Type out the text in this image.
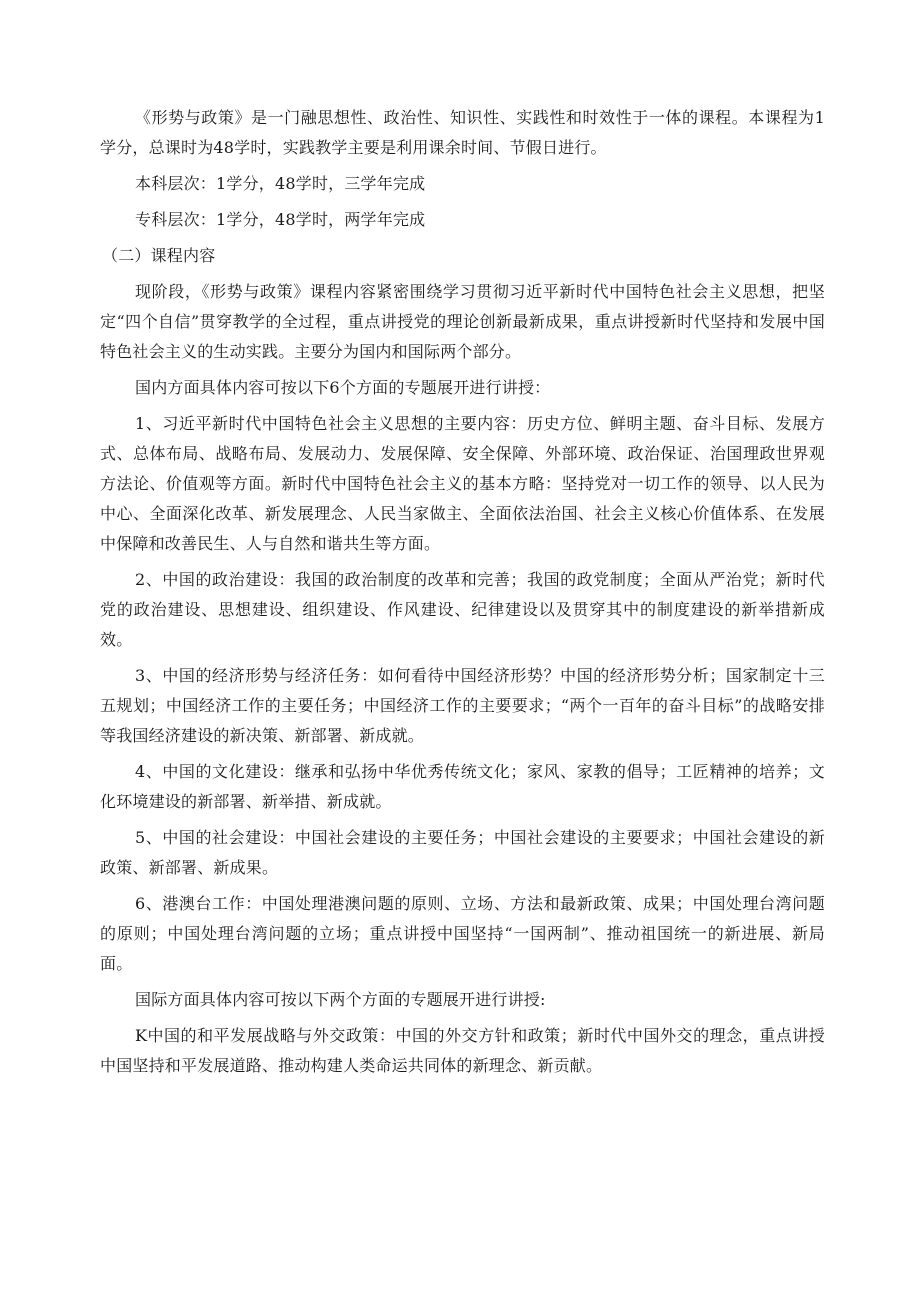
《形势与政策》是一门融思想性、政治性、知识性、实践性和时效性于一体的课程。本课程为1学分，总课时为48学时，实践教学主要是利用课余时间、节假日进行。

本科层次：1学分，48学时，三学年完成

专科层次：1学分，48学时，两学年完成

（二）课程内容

现阶段，《形势与政策》课程内容紧密围绕学习贯彻习近平新时代中国特色社会主义思想，把坚定“四个自信”贯穿教学的全过程，重点讲授党的理论创新最新成果，重点讲授新时代坚持和发展中国特色社会主义的生动实践。主要分为国内和国际两个部分。

国内方面具体内容可按以下6个方面的专题展开进行讲授：

1、习近平新时代中国特色社会主义思想的主要内容：历史方位、鲜明主题、奋斗目标、发展方式、总体布局、战略布局、发展动力、发展保障、安全保障、外部环境、政治保证、治国理政世界观方法论、价值观等方面。新时代中国特色社会主义的基本方略：坚持党对一切工作的领导、以人民为中心、全面深化改革、新发展理念、人民当家做主、全面依法治国、社会主义核心价值体系、在发展中保障和改善民生、人与自然和谐共生等方面。

2、中国的政治建设：我国的政治制度的改革和完善；我国的政党制度；全面从严治党；新时代党的政治建设、思想建设、组织建设、作风建设、纪律建设以及贯穿其中的制度建设的新举措新成效。

3、中国的经济形势与经济任务：如何看待中国经济形势？中国的经济形势分析；国家制定十三五规划；中国经济工作的主要任务；中国经济工作的主要要求；“两个一百年的奋斗目标”的战略安排等我国经济建设的新决策、新部署、新成就。

4、中国的文化建设：继承和弘扬中华优秀传统文化；家风、家教的倡导；工匠精神的培养；文化环境建设的新部署、新举措、新成就。

5、中国的社会建设：中国社会建设的主要任务；中国社会建设的主要要求；中国社会建设的新政策、新部署、新成果。

6、港澳台工作：中国处理港澳问题的原则、立场、方法和最新政策、成果；中国处理台湾问题的原则；中国处理台湾问题的立场；重点讲授中国坚持“一国两制”、推动祖国统一的新进展、新局面。

国际方面具体内容可按以下两个方面的专题展开进行讲授:

K中国的和平发展战略与外交政策：中国的外交方针和政策；新时代中国外交的理念，重点讲授中国坚持和平发展道路、推动构建人类命运共同体的新理念、新贡献。
